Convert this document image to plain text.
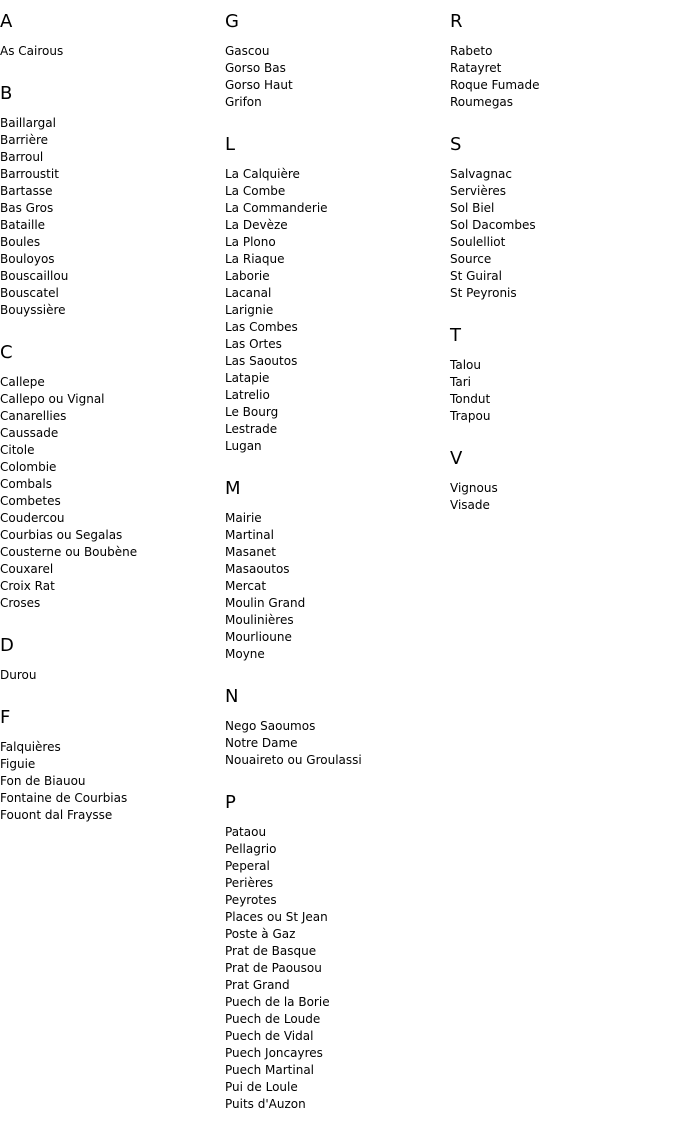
A
As Cairous
B
Baillargal
Barrière
Barroul
Barroustit
Bartasse
Bas Gros
Bataille
Boules
Bouloyos
Bouscaillou
Bouscatel
Bouyssière
C
Callepe
Callepo ou Vignal
Canarellies
Caussade
Citole
Colombie
Combals
Combetes
Coudercou
Courbias ou Segalas
Cousterne ou Boubène
Couxarel
Croix Rat
Croses
D
Durou
F
Falquières
Figuie
Fon de Biauou
Fontaine de Courbias
Fouont dal Fraysse
G
Gascou
Gorso Bas
Gorso Haut
Grifon
L
La Calquière
La Combe
La Commanderie
La Devèze
La Plono
La Riaque
Laborie
Lacanal
Larignie
Las Combes
Las Ortes
Las Saoutos
Latapie
Latrelio
Le Bourg
Lestrade
Lugan
M
Mairie
Martinal
Masanet
Masaoutos
Mercat
Moulin Grand
Moulinières
Mourlioune
Moyne
N
Nego Saoumos
Notre Dame
Nouaireto ou Groulassi
P
Pataou
Pellagrio
Peperal
Perières
Peyrotes
Places ou St Jean
Poste à Gaz
Prat de Basque
Prat de Paousou
Prat Grand
Puech de la Borie
Puech de Loude
Puech de Vidal
Puech Joncayres
Puech Martinal
Pui de Loule
Puits d'Auzon
R
Rabeto
Ratayret
Roque Fumade
Roumegas
S
Salvagnac
Servières
Sol Biel
Sol Dacombes
Soulelliot
Source
St Guiral
St Peyronis
T
Talou
Tari
Tondut
Trapou
V
Vignous
Visade
